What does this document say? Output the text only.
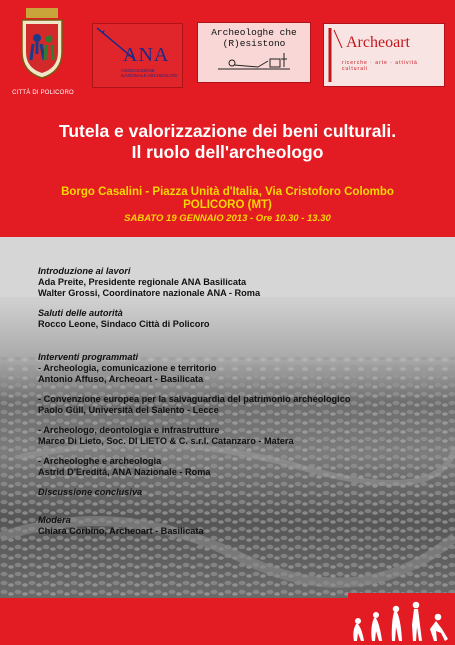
CITTÀ DI POLICORO
ANA
ASSOCIAZIONE NAZIONALE ARCHEOLOGI
Archeologhe che (R)esistono	Archeoart
ricerche · arte · attività culturali
Tutela e valorizzazione dei beni culturali.
Il ruolo dell'archeologo
Borgo Casalini - Piazza Unità d'Italia, Via Cristoforo Colombo
POLICORO (MT)
SABATO 19 GENNAIO 2013 - Ore 10.30 - 13.30
Introduzione ai lavori
Ada Preite, Presidente regionale ANA Basilicata
Walter Grossi, Coordinatore nazionale ANA - Roma
Saluti delle autorità
Rocco Leone, Sindaco Città di Policoro
Interventi programmati
- Archeologia, comunicazione e territorio
Antonio Affuso, Archeoart - Basilicata
- Convenzione europea per la salvaguardia del patrimonio archeologico
Paolo Güll, Università del Salento - Lecce
- Archeologo, deontologia e infrastrutture
Marco Di Lieto, Soc. DI LIETO & C. s.r.l. Catanzaro - Matera
- Archeologhe e archeologia
Astrid D'Ereditá, ANA Nazionale - Roma
Discussione conclusiva
Modera
Chiara Corbino, Archeoart - Basilicata
